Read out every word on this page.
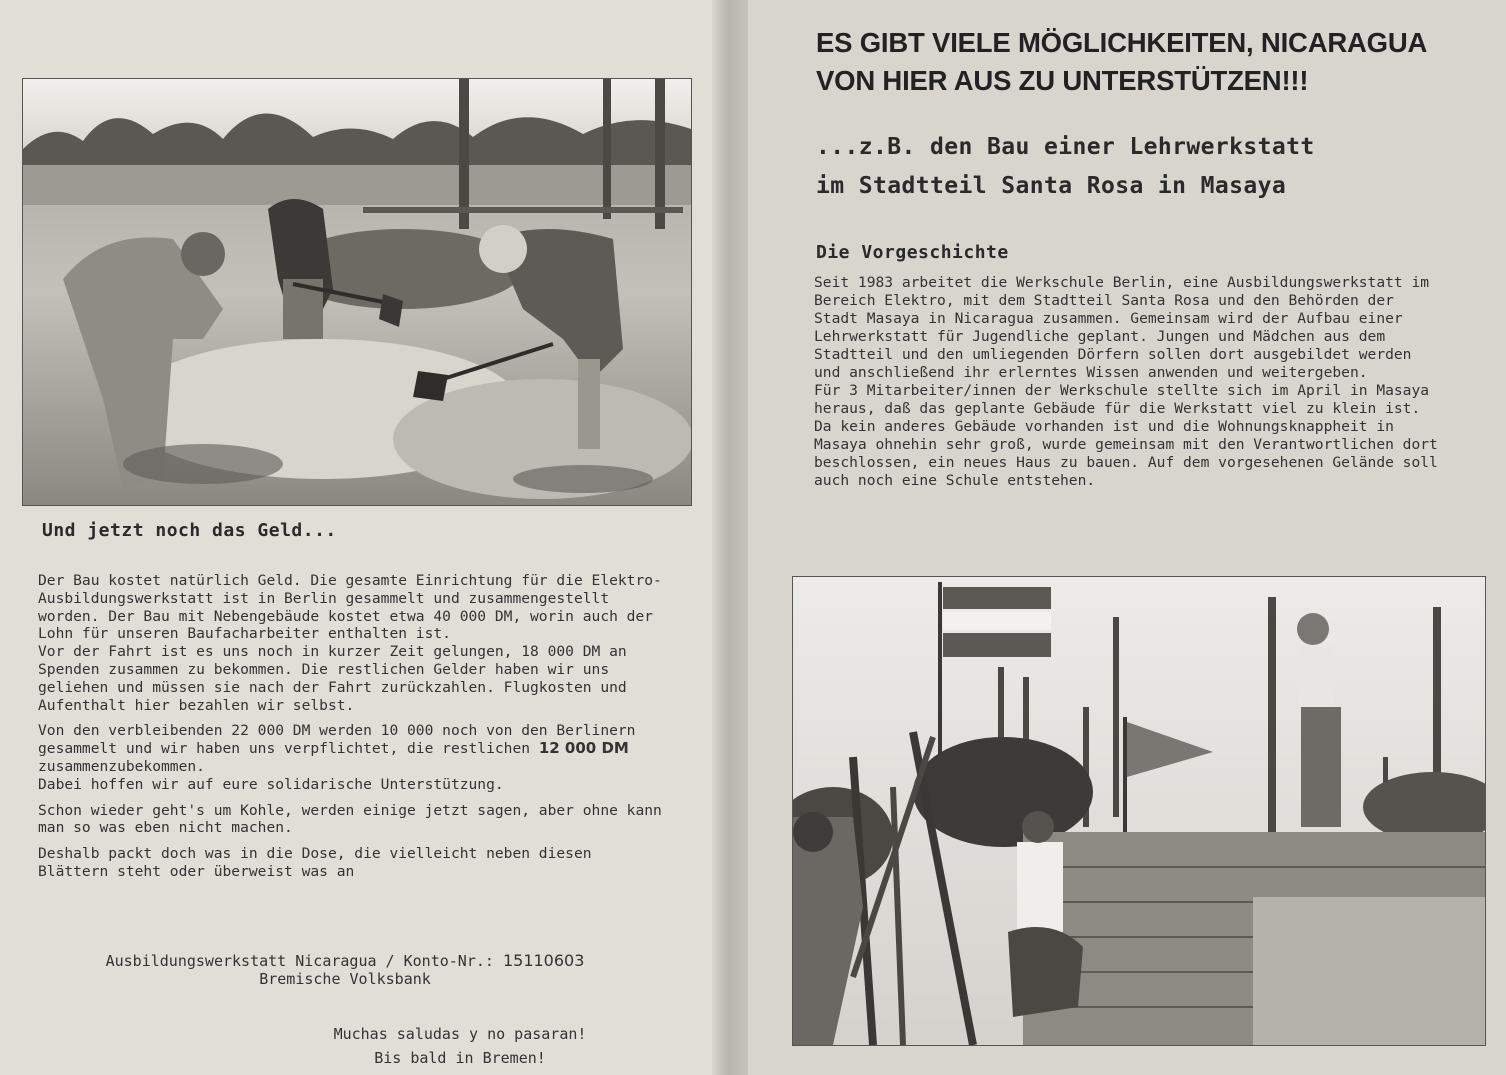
Und jetzt noch das Geld...

Der Bau kostet natürlich Geld. Die gesamte Einrichtung für die Elektro-Ausbildungswerkstatt ist in Berlin gesammelt und zusammengestellt worden. Der Bau mit Nebengebäude kostet etwa 40 000 DM, worin auch der Lohn für unseren Baufacharbeiter enthalten ist.
Vor der Fahrt ist es uns noch in kurzer Zeit gelungen, 18 000 DM an Spenden zusammen zu bekommen. Die restlichen Gelder haben wir uns geliehen und müssen sie nach der Fahrt zurückzahlen. Flugkosten und Aufenthalt hier bezahlen wir selbst.

Von den verbleibenden 22 000 DM werden 10 000 noch von den Berlinern gesammelt und wir haben uns verpflichtet, die restlichen 12 000 DM zusammenzubekommen.
Dabei hoffen wir auf eure solidarische Unterstützung.

Schon wieder geht's um Kohle, werden einige jetzt sagen, aber ohne kann man so was eben nicht machen.

Deshalb packt doch was in die Dose, die vielleicht neben diesen Blättern steht oder überweist was an

Ausbildungswerkstatt Nicaragua / Konto-Nr.: 15110603
Bremische Volksbank
Muchas saludas y no pasaran!
Bis bald in Bremen!
ES GIBT VIELE MÖGLICHKEITEN, NICARAGUA
VON HIER AUS ZU UNTERSTÜTZEN!!!
...z.B. den Bau einer Lehrwerkstatt
im Stadtteil Santa Rosa in Masaya
Die Vorgeschichte
Seit 1983 arbeitet die Werkschule Berlin, eine Ausbildungswerkstatt im Bereich Elektro, mit dem Stadtteil Santa Rosa und den Behörden der Stadt Masaya in Nicaragua zusammen. Gemeinsam wird der Aufbau einer Lehrwerkstatt für Jugendliche geplant. Jungen und Mädchen aus dem Stadtteil und den umliegenden Dörfern sollen dort ausgebildet werden und anschließend ihr erlerntes Wissen anwenden und weitergeben.
Für 3 Mitarbeiter/innen der Werkschule stellte sich im April in Masaya heraus, daß das geplante Gebäude für die Werkstatt viel zu klein ist. Da kein anderes Gebäude vorhanden ist und die Wohnungsknappheit in Masaya ohnehin sehr groß, wurde gemeinsam mit den Verantwortlichen dort beschlossen, ein neues Haus zu bauen. Auf dem vorgesehenen Gelände soll auch noch eine Schule entstehen.
